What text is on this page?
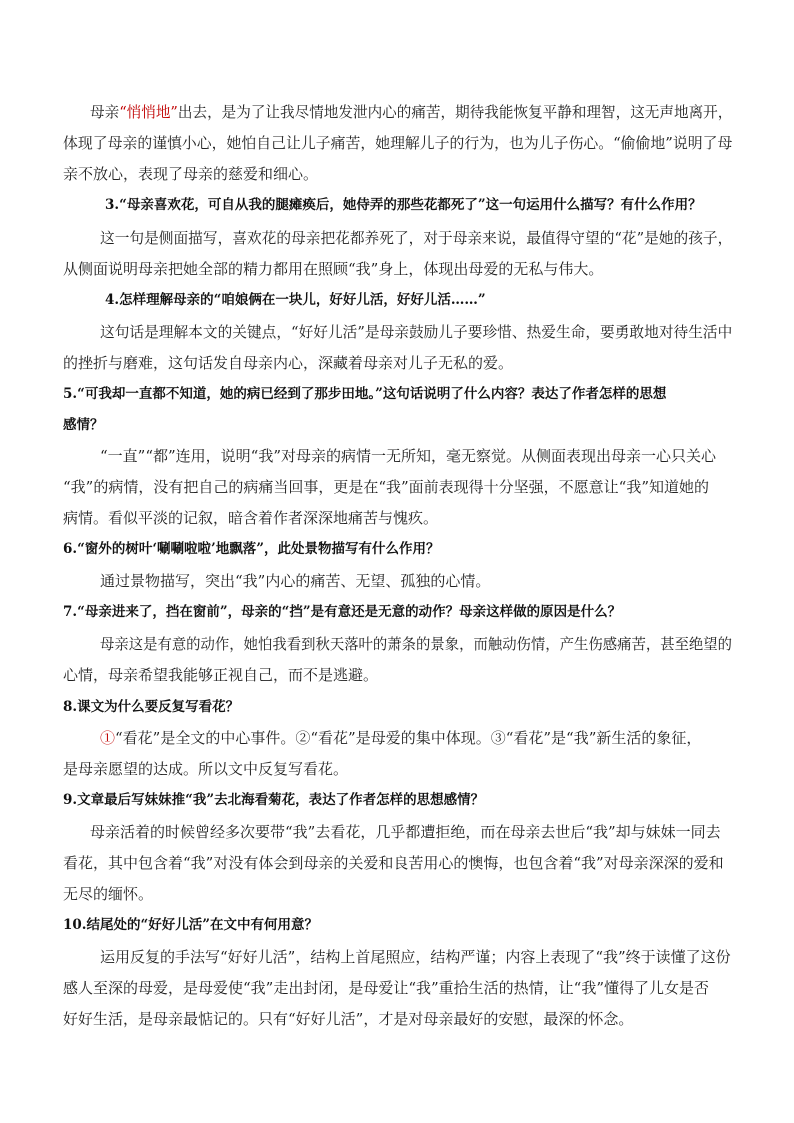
母亲“悄悄地”出去，是为了让我尽情地发泄内心的痛苦，期待我能恢复平静和理智，这无声地离开，
体现了母亲的谨慎小心，她怕自己让儿子痛苦，她理解儿子的行为，也为儿子伤心。“偷偷地”说明了母
亲不放心，表现了母亲的慈爱和细心。
3.“母亲喜欢花，可自从我的腿瘫痪后，她侍弄的那些花都死了”这一句运用什么描写？有什么作用？
这一句是侧面描写，喜欢花的母亲把花都养死了，对于母亲来说，最值得守望的“花”是她的孩子，
从侧面说明母亲把她全部的精力都用在照顾“我”身上，体现出母爱的无私与伟大。
4.怎样理解母亲的“咱娘俩在一块儿，好好儿活，好好儿活……”
这句话是理解本文的关键点，“好好儿活”是母亲鼓励儿子要珍惜、热爱生命，要勇敢地对待生活中
的挫折与磨难，这句话发自母亲内心，深藏着母亲对儿子无私的爱。
5.“可我却一直都不知道，她的病已经到了那步田地。”这句话说明了什么内容？表达了作者怎样的思想
感情？
“一直”“都”连用，说明“我”对母亲的病情一无所知，毫无察觉。从侧面表现出母亲一心只关心
“我”的病情，没有把自己的病痛当回事，更是在“我”面前表现得十分坚强，不愿意让“我”知道她的
病情。看似平淡的记叙，暗含着作者深深地痛苦与愧疚。
6.“窗外的树叶‘唰唰啦啦’地飘落”，此处景物描写有什么作用？
通过景物描写，突出“我”内心的痛苦、无望、孤独的心情。
7.“母亲进来了，挡在窗前”，母亲的“挡”是有意还是无意的动作？母亲这样做的原因是什么？
母亲这是有意的动作，她怕我看到秋天落叶的萧条的景象，而触动伤情，产生伤感痛苦，甚至绝望的
心情，母亲希望我能够正视自己，而不是逃避。
8.课文为什么要反复写看花？
①“看花”是全文的中心事件。②“看花”是母爱的集中体现。③“看花”是“我”新生活的象征，
是母亲愿望的达成。所以文中反复写看花。
9.文章最后写妹妹推“我”去北海看菊花，表达了作者怎样的思想感情？
母亲活着的时候曾经多次要带“我”去看花，几乎都遭拒绝，而在母亲去世后“我”却与妹妹一同去
看花，其中包含着“我”对没有体会到母亲的关爱和良苦用心的懊悔，也包含着“我”对母亲深深的爱和
无尽的缅怀。
10.结尾处的“好好儿活”在文中有何用意？
运用反复的手法写“好好儿活”，结构上首尾照应，结构严谨；内容上表现了“我”终于读懂了这份
感人至深的母爱，是母爱使“我”走出封闭，是母爱让“我”重拾生活的热情，让“我”懂得了儿女是否
好好生活，是母亲最惦记的。只有“好好儿活”，才是对母亲最好的安慰，最深的怀念。
